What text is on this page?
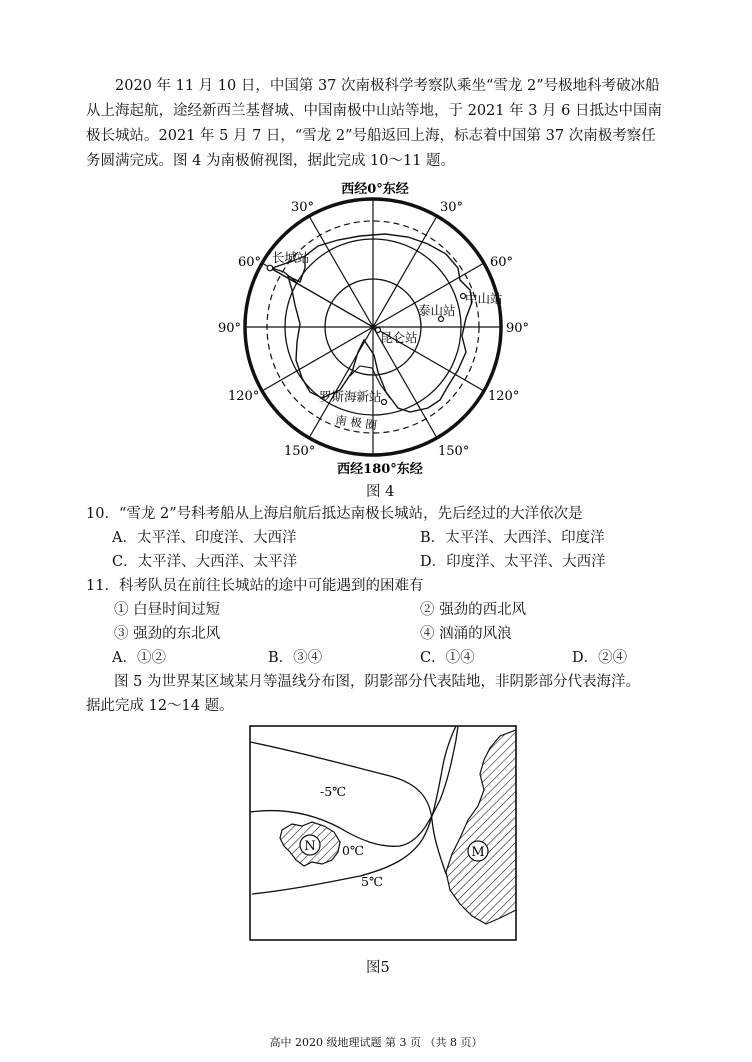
2020 年 11 月 10 日，中国第 37 次南极科学考察队乘坐“雪龙 2”号极地科考破冰船

从上海起航，途经新西兰基督城、中国南极中山站等地，于 2021 年 3 月 6 日抵达中国南

极长城站。2021 年 5 月 7 日，“雪龙 2”号船返回上海，标志着中国第 37 次南极考察任

务圆满完成。图 4 为南极俯视图，据此完成 10～11 题。

西经0°东经
西经180°东经
30°	30°
60°	60°
90°	90°
120°	120°
150°	150°
长城站
中山站
泰山站
昆仑站
罗斯海新站
南 极 圈
图 4
10．“雪龙 2”号科考船从上海启航后抵达南极长城站，先后经过的大洋依次是
A．太平洋、印度洋、大西洋	B．太平洋、大西洋、印度洋
C．太平洋、大西洋、太平洋	D．印度洋、太平洋、大西洋
11．科考队员在前往长城站的途中可能遇到的困难有
① 白昼时间过短	② 强劲的西北风
③ 强劲的东北风	④ 汹涌的风浪
A．①②	B．③④	C．①④	D．②④
图 5 为世界某区域某月等温线分布图，阴影部分代表陆地，非阴影部分代表海洋。
据此完成 12～14 题。
-5℃
0℃
5℃
N	M
图5
高中 2020 级地理试题 第 3 页 （共 8 页）
